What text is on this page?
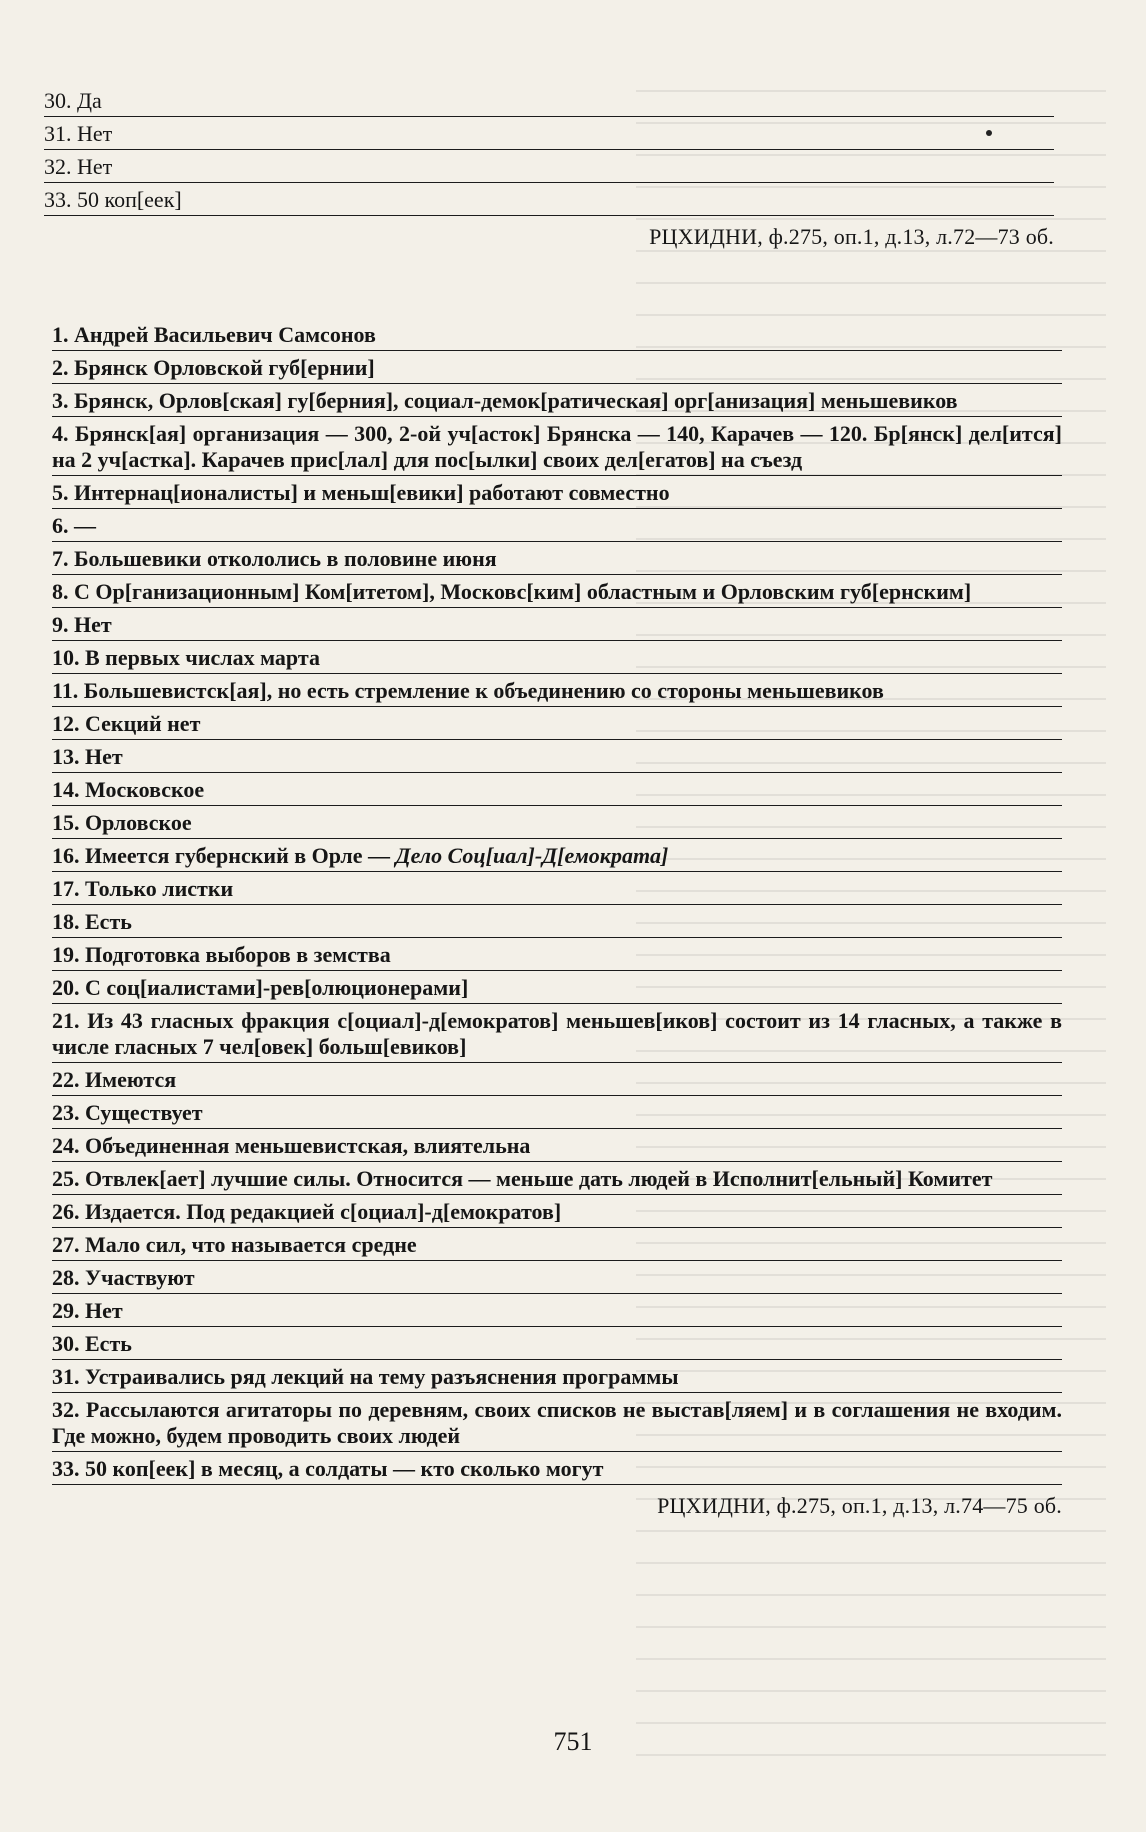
30. Да
31. Нет
32. Нет
33. 50 коп[еек]
РЦХИДНИ, ф.275, оп.1, д.13, л.72—73 об.
1. Андрей Васильевич Самсонов
2. Брянск Орловской губ[ернии]
3. Брянск, Орлов[ская] гу[берния], социал-демок[ратическая] орг[анизация] меньшевиков
4. Брянск[ая] организация — 300, 2-ой уч[асток] Брянска — 140, Карачев — 120. Бр[янск] дел[ится] на 2 уч[астка]. Карачев прис[лал] для пос[ылки] своих дел[егатов] на съезд
5. Интернац[ионалисты] и меньш[евики] работают совместно
6. —
7. Большевики откололись в половине июня
8. С Ор[ганизационным] Ком[итетом], Московс[ким] областным и Орловским губ[ернским]
9. Нет
10. В первых числах марта
11. Большевистск[ая], но есть стремление к объединению со стороны меньшевиков
12. Секций нет
13. Нет
14. Московское
15. Орловское
16. Имеется губернский в Орле — Дело Соц[иал]-Д[емократа]
17. Только листки
18. Есть
19. Подготовка выборов в земства
20. С соц[иалистами]-рев[олюционерами]
21. Из 43 гласных фракция с[оциал]-д[емократов] меньшев[иков] состоит из 14 гласных, а также в числе гласных 7 чел[овек] больш[евиков]
22. Имеются
23. Существует
24. Объединенная меньшевистская, влиятельна
25. Отвлек[ает] лучшие силы. Относится — меньше дать людей в Исполнит[ельный] Комитет
26. Издается. Под редакцией с[оциал]-д[емократов]
27. Мало сил, что называется средне
28. Участвуют
29. Нет
30. Есть
31. Устраивались ряд лекций на тему разъяснения программы
32. Рассылаются агитаторы по деревням, своих списков не выстав[ляем] и в соглашения не входим. Где можно, будем проводить своих людей
33. 50 коп[еек] в месяц, а солдаты — кто сколько могут
РЦХИДНИ, ф.275, оп.1, д.13, л.74—75 об.
751
